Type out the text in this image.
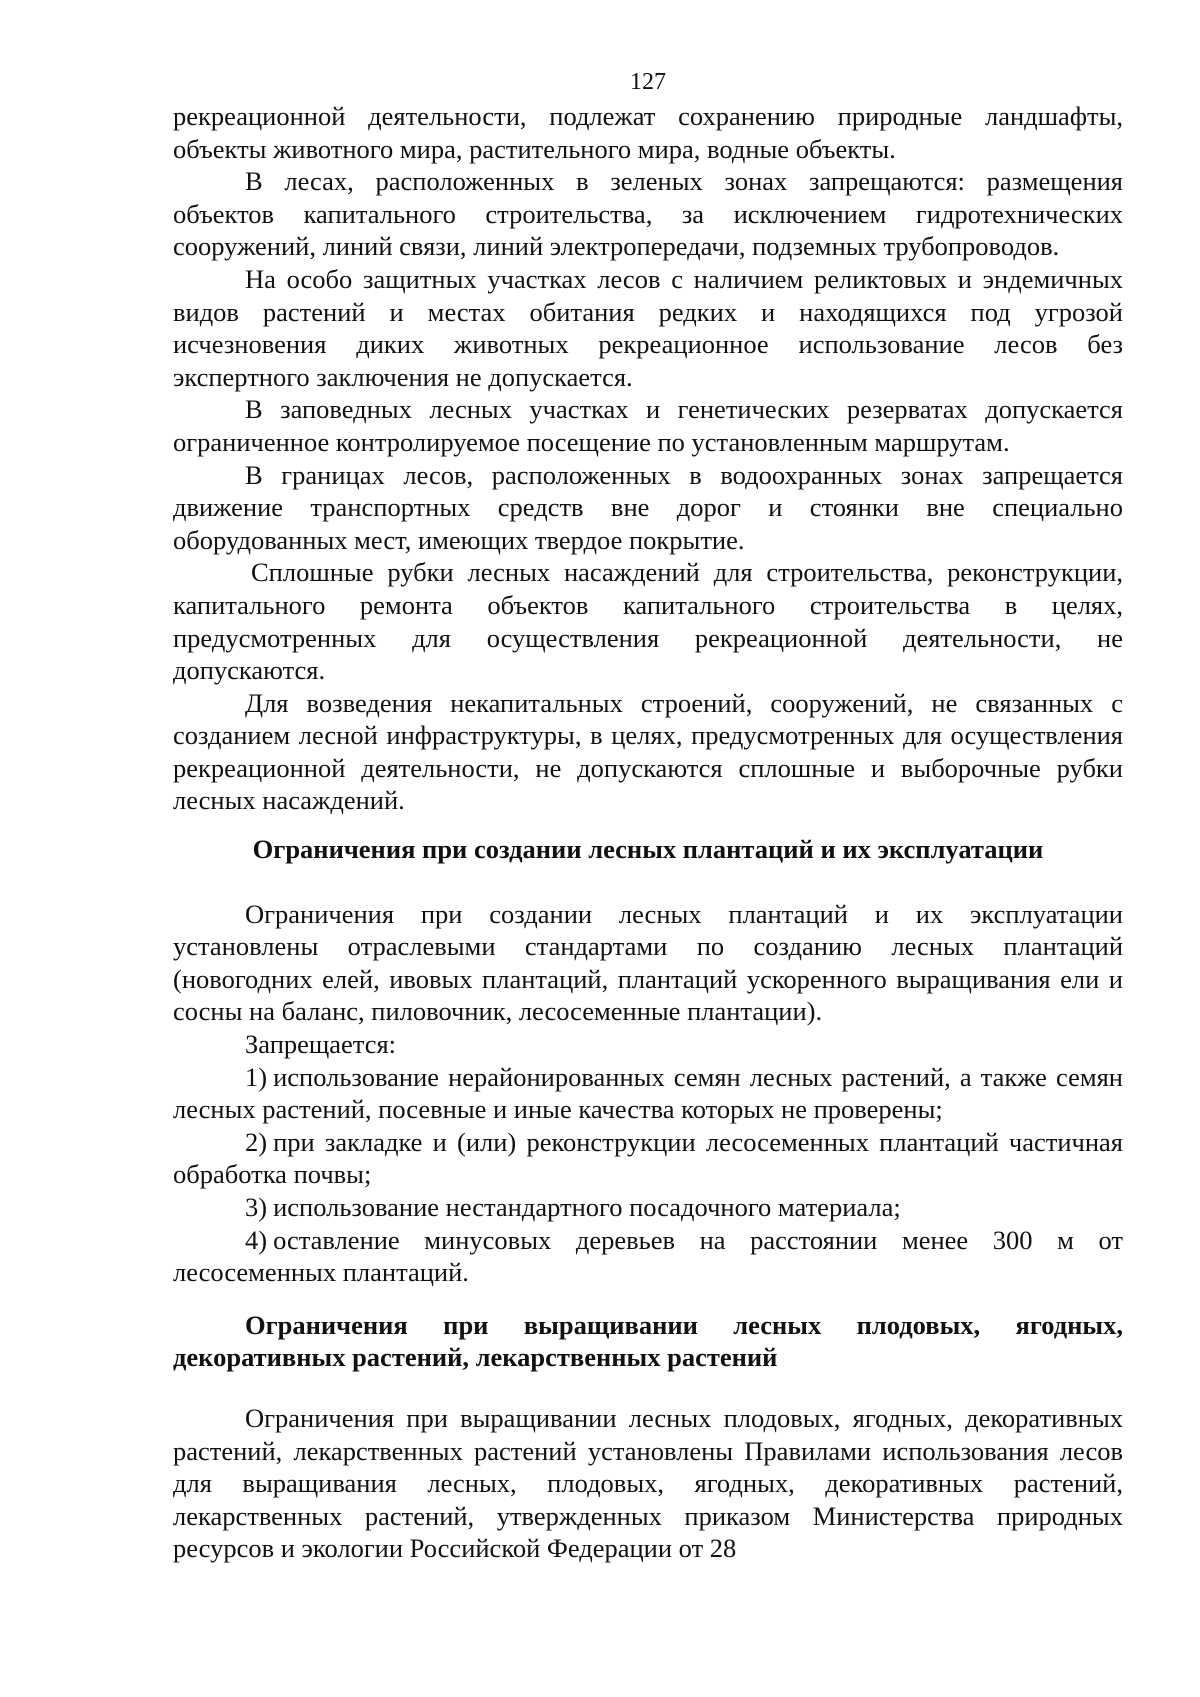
127

рекреационной деятельности, подлежат сохранению природные ландшафты, объекты животного мира, растительного мира, водные объекты.

В лесах, расположенных в зеленых зонах запрещаются: размещения объектов капитального строительства, за исключением гидротехнических сооружений, линий связи, линий электропередачи, подземных трубопроводов.

На особо защитных участках лесов с наличием реликтовых и эндемичных видов растений и местах обитания редких и находящихся под угрозой исчезновения диких животных рекреационное использование лесов без экспертного заключения не допускается.

В заповедных лесных участках и генетических резерватах допускается ограниченное контролируемое посещение по установленным маршрутам.

В границах лесов, расположенных в водоохранных зонах запрещается движение транспортных средств вне дорог и стоянки вне специально оборудованных мест, имеющих твердое покрытие.

Сплошные рубки лесных насаждений для строительства, реконструкции, капитального ремонта объектов капитального строительства в целях, предусмотренных для осуществления рекреационной деятельности, не допускаются.

Для возведения некапитальных строений, сооружений, не связанных с созданием лесной инфраструктуры, в целях, предусмотренных для осуществления рекреационной деятельности, не допускаются сплошные и выборочные рубки лесных насаждений.

Ограничения при создании лесных плантаций и их эксплуатации

Ограничения при создании лесных плантаций и их эксплуатации установлены отраслевыми стандартами по созданию лесных плантаций (новогодних елей, ивовых плантаций, плантаций ускоренного выращивания ели и сосны на баланс, пиловочник, лесосеменные плантации).

Запрещается:

1) использование нерайонированных семян лесных растений, а также семян лесных растений, посевные и иные качества которых не проверены;

2) при закладке и (или) реконструкции лесосеменных плантаций частичная обработка почвы;

3) использование нестандартного посадочного материала;

4) оставление минусовых деревьев на расстоянии менее 300 м от лесосеменных плантаций.

Ограничения при выращивании лесных плодовых, ягодных, декоративных растений, лекарственных растений

Ограничения при выращивании лесных плодовых, ягодных, декоративных растений, лекарственных растений установлены Правилами использования лесов для выращивания лесных, плодовых, ягодных, декоративных растений, лекарственных растений, утвержденных приказом Министерства природных ресурсов и экологии Российской Федерации от 28
